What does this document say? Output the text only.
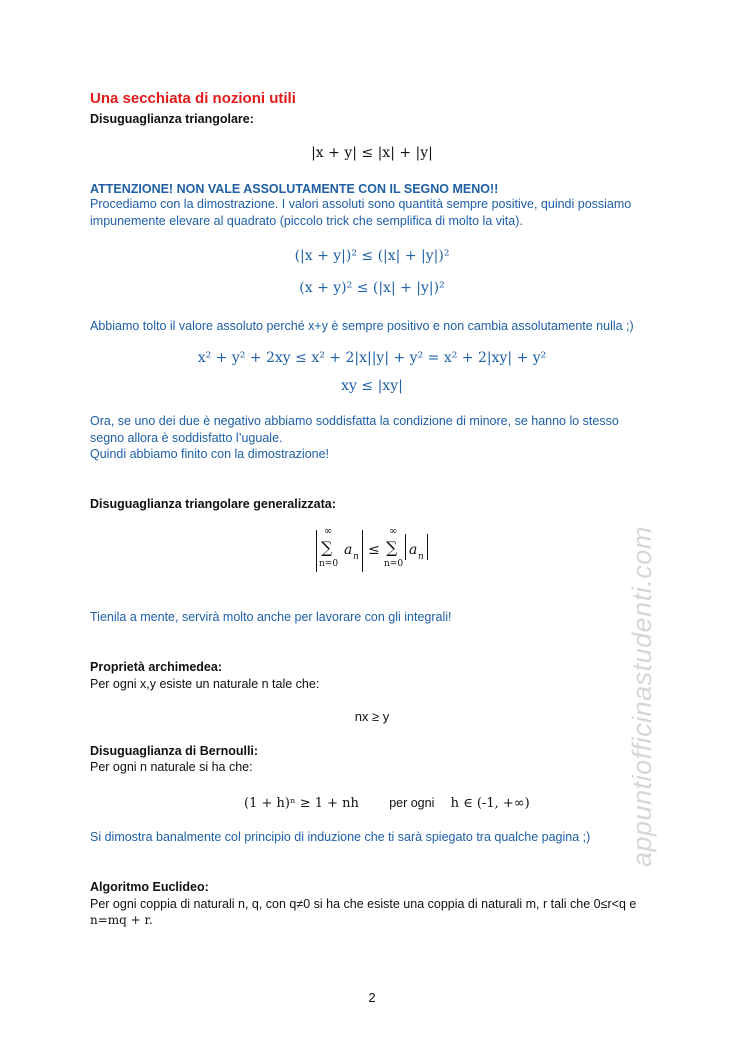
Una secchiata di nozioni utili
Disuguaglianza triangolare:
|x + y| ≤ |x| + |y|
ATTENZIONE! NON VALE ASSOLUTAMENTE CON IL SEGNO MENO!!
Procediamo con la dimostrazione. I valori assoluti sono quantità sempre positive, quindi possiamo impunemente elevare al quadrato (piccolo trick che semplifica di molto la vita).
(|x + y|)² ≤ (|x| + |y|)²
(x + y)² ≤ (|x| + |y|)²
Abbiamo tolto il valore assoluto perché x+y è sempre positivo e non cambia assolutamente nulla ;)
x² + y² + 2xy ≤ x² + 2|x||y| + y² = x² + 2|xy| + y²
xy ≤ |xy|
Ora, se uno dei due è negativo abbiamo soddisfatta la condizione di minore, se hanno lo stesso segno allora è soddisfatto l’uguale.
Quindi abbiamo finito con la dimostrazione!
Disuguaglianza triangolare generalizzata:
∞
∑
n=0
a n ≤
∞
∑
n=0
a n
Tienila a mente, servirà molto anche per lavorare con gli integrali!
Proprietà archimedea:
Per ogni x,y esiste un naturale n tale che:
nx ≥ y
Disuguaglianza di Bernoulli:
Per ogni n naturale si ha che:
(1 + h)ⁿ ≥ 1 + nh per ogni h ∈ (-1, +∞)
Si dimostra banalmente col principio di induzione che ti sarà spiegato tra qualche pagina ;)
Algoritmo Euclideo:
Per ogni coppia di naturali n, q, con q≠0 si ha che esiste una coppia di naturali m, r tali che 0≤r<q e
n=mq + r.
2
appuntiofficinastudenti.com
